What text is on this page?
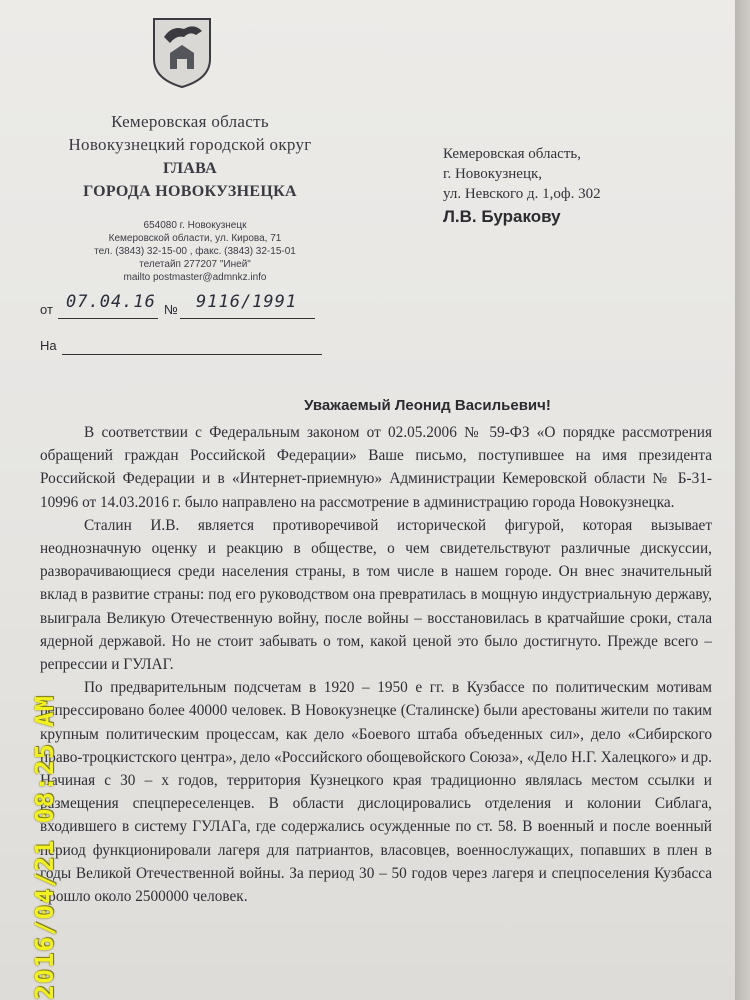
Кемеровская область
Новокузнецкий городской округ
ГЛАВА
ГОРОДА НОВОКУЗНЕЦКА
654080 г. Новокузнецк
Кемеровской области, ул. Кирова, 71
тел. (3843) 32-15-00 , факс. (3843) 32-15-01
телетайп 277207 "Иней"
mailto postmaster@admnkz.info
Кемеровская область,
г. Новокузнецк,
ул. Невского д. 1,оф. 302
Л.В. Буракову
от 07.04.16 № 9116/1991
На
Уважаемый Леонид Васильевич!

В соответствии с Федеральным законом от 02.05.2006 № 59-ФЗ «О порядке рассмотрения обращений граждан Российской Федерации» Ваше письмо, поступившее на имя президента Российской Федерации и в «Интернет-приемную» Администрации Кемеровской области № Б-31-10996 от 14.03.2016 г. было направлено на рассмотрение в администрацию города Новокузнецка.

Сталин И.В. является противоречивой исторической фигурой, которая вызывает неоднозначную оценку и реакцию в обществе, о чем свидетельствуют различные дискуссии, разворачивающиеся среди населения страны, в том числе в нашем городе. Он внес значительный вклад в развитие страны: под его руководством она превратилась в мощную индустриальную державу, выиграла Великую Отечественную войну, после войны – восстановилась в кратчайшие сроки, стала ядерной державой. Но не стоит забывать о том, какой ценой это было достигнуто. Прежде всего – репрессии и ГУЛАГ.

По предварительным подсчетам в 1920 – 1950 е гг. в Кузбассе по политическим мотивам репрессировано более 40000 человек. В Новокузнецке (Сталинске) были арестованы жители по таким крупным политическим процессам, как дело «Боевого штаба объеденных сил», дело «Сибирского право-троцкистского центра», дело «Российского обощевойского Союза», «Дело Н.Г. Халецкого» и др. Начиная с 30 – х годов, территория Кузнецкого края традиционно являлась местом ссылки и размещения спецпереселенцев. В области дислоцировались отделения и колонии Сиблага, входившего в систему ГУЛАГа, где содержались осужденные по ст. 58. В военный и после военный период функционировали лагеря для патриантов, власовцев, военнослужащих, попавших в плен в годы Великой Отечественной войны. За период 30 – 50 годов через лагеря и спецпоселения Кузбасса прошло около 2500000 человек.

2016/04/21 08:25 AM
